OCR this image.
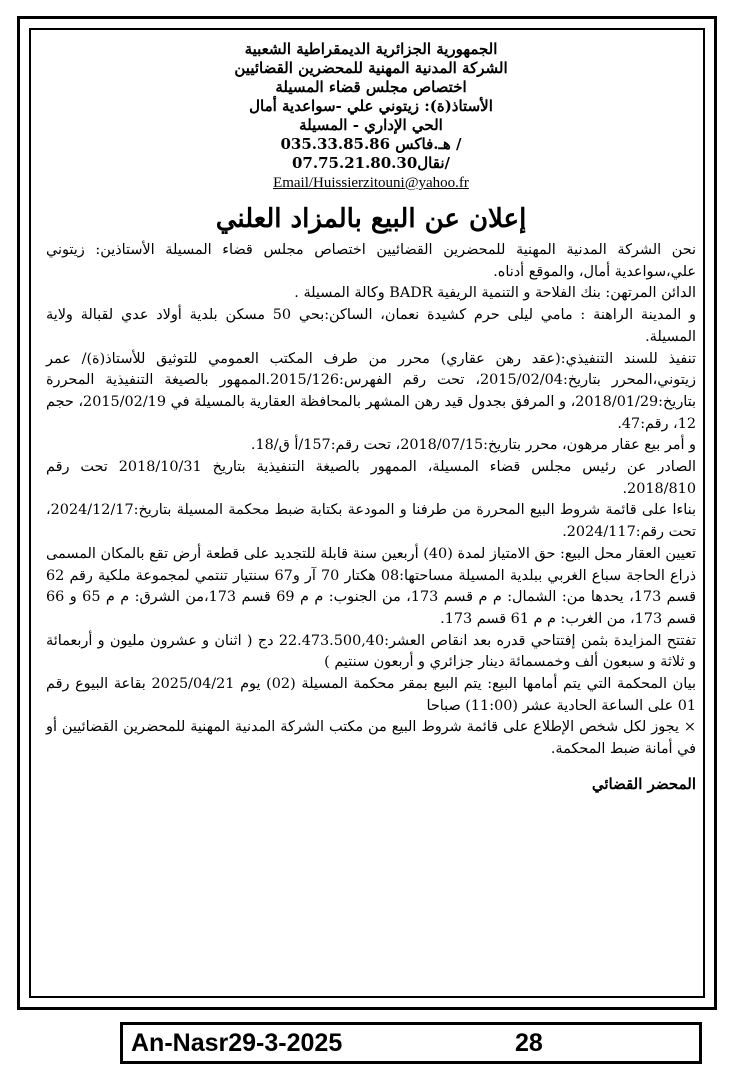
الجمهورية الجزائرية الديمقراطية الشعبية
الشركة المدنية المهنية للمحضرين القضائيين
اختصاص مجلس قضاء المسيلة
الأستاذ(ة): زيتوني علي -سواعدية أمال
الحي الإداري - المسيلة
035.33.85.86 / هـ.فاكس
07.75.21.80.30/نقال
Email/Huissierzitouni@yahoo.fr
إعلان عن البيع بالمزاد العلني

نحن الشركة المدنية المهنية للمحضرين القضائيين اختصاص مجلس قضاء المسيلة الأستاذين: زيتوني علي،سواعدية أمال، والموقع أدناه.

الدائن المرتهن: بنك الفلاحة و التنمية الريفية BADR وكالة المسيلة .

و المدينة الراهنة : مامي ليلى حرم كشيدة نعمان، الساكن:بحي 50 مسكن بلدية أولاد عدي لقبالة ولاية المسيلة.

تنفيذ للسند التنفيذي:(عقد رهن عقاري) محرر من طرف المكتب العمومي للتوثيق للأستاذ(ة)/ عمر زيتوني،المحرر بتاريخ:2015/02/04، تحت رقم الفهرس:2015/126.الممهور بالصيغة التنفيذية المحررة بتاريخ:2018/01/29، و المرفق بجدول قيد رهن المشهر بالمحافظة العقارية بالمسيلة في 2015/02/19، حجم 12، رقم:47.

و أمر بيع عقار مرهون، محرر بتاريخ:2018/07/15، تحت رقم:157/أ ق/18.

الصادر عن رئيس مجلس قضاء المسيلة، الممهور بالصيغة التنفيذية بتاريخ 2018/10/31 تحت رقم 2018/810.

بناءا على قائمة شروط البيع المحررة من طرفنا و المودعة بكتابة ضبط محكمة المسيلة بتاريخ:2024/12/17، تحت رقم:2024/117.

تعيين العقار محل البيع: حق الامتياز لمدة (40) أربعين سنة قابلة للتجديد على قطعة أرض تقع بالمكان المسمى ذراع الحاجة سباع الغربي ببلدية المسيلة مساحتها:08 هكتار 70 آر و67 سنتيار تنتمي لمجموعة ملكية رقم 62 قسم 173، يحدها من: الشمال: م م قسم 173، من الجنوب: م م 69 قسم 173،من الشرق: م م 65 و 66 قسم 173، من الغرب: م م 61 قسم 173.

تفتتح المزايدة بثمن إفتتاحي قدره بعد انقاص العشر:22.473.500,40 دج ( اثنان و عشرون مليون و أربعمائة و ثلاثة و سبعون ألف وخمسمائة دينار جزائري و أربعون سنتيم )

بيان المحكمة التي يتم أمامها البيع: يتم البيع بمقر محكمة المسيلة (02) يوم 2025/04/21 بقاعة البيوع رقم 01 على الساعة الحادية عشر (11:00) صباحا

× يجوز لكل شخص الإطلاع على قائمة شروط البيع من مكتب الشركة المدنية المهنية للمحضرين القضائيين أو في أمانة ضبط المحكمة.

المحضر القضائي
An-Nasr29-3-2025	28
